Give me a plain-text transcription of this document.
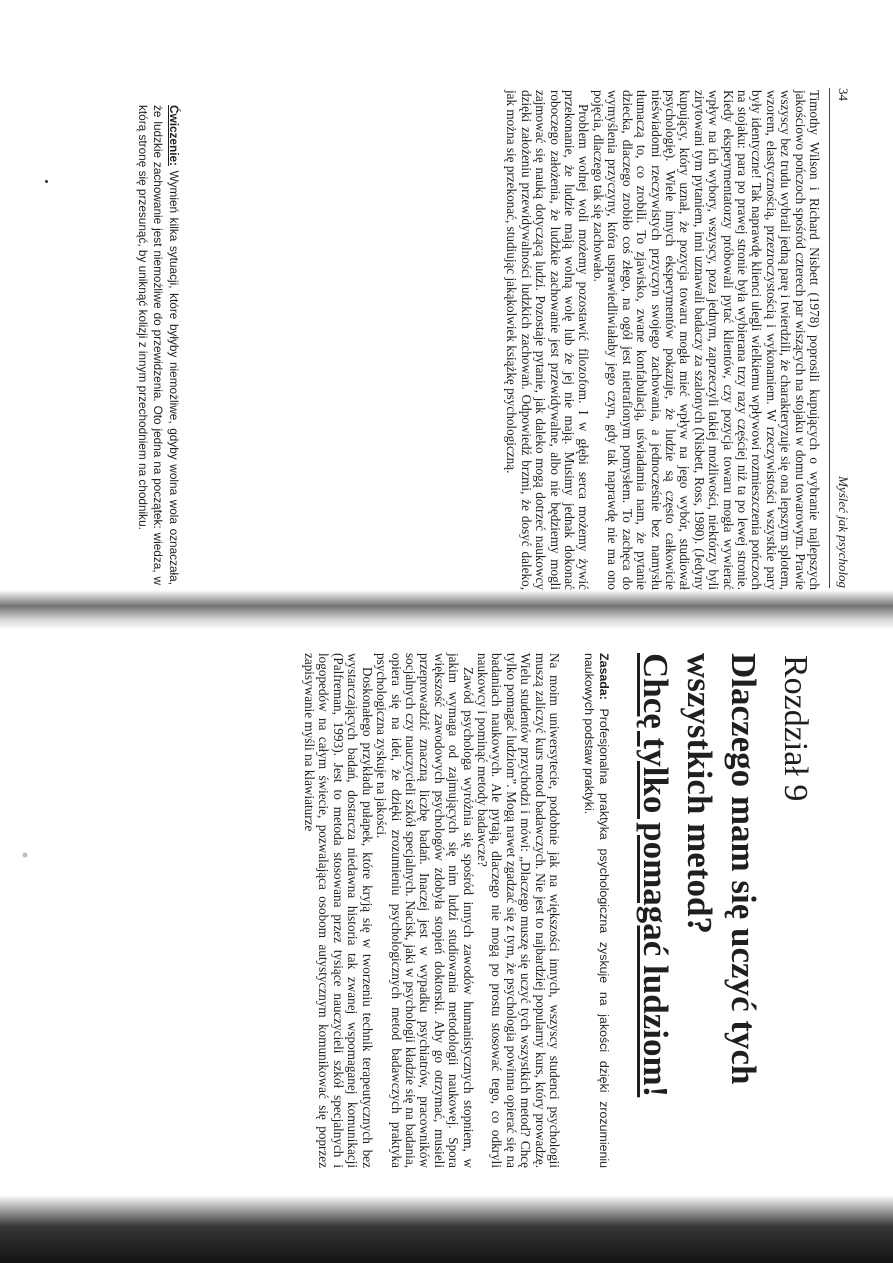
34
Myśleć jak psycholog

Timothy Wilson i Richard Nisbett (1978) poprosili kupujących o wybranie najlepszych jakościowo pończoch spośród czterech par wiszących na stojaku w domu towarowym. Prawie wszyscy bez trudu wybrali jedną parę i twierdzili, że charakteryzuje się ona lepszym splotem, wzorem, elastycznością, przezroczystością i wykonaniem. W rzeczywistości wszystkie pary były identyczne! Tak naprawdę klienci ulegli wielkiemu wpływowi rozmieszczenia pończoch na stojaku: para po prawej stronie była wybierana trzy razy częściej niż ta po lewej stronie. Kiedy eksperymentatorzy próbowali pytać klientów, czy pozycja towaru mogła wywierać wpływ na ich wybory, wszyscy, poza jednym, zaprzeczyli takiej możliwości, niektórzy byli zirytowani tym pytaniem, inni uznawali badaczy za szalonych (Nisbett, Ross, 1980). (Jedyny kupujący, który uznał, że pozycja towaru mogła mieć wpływ na jego wybór, studiował psychologię). Wiele innych eksperymentów pokazuje, że ludzie są często całkowicie nieświadomi rzeczywistych przyczyn swojego zachowania, a jednocześnie bez namysłu tłumaczą to, co zrobili. To zjawisko, zwane konfabulacją, uświadamia nam, że pytanie dziecka, dlaczego zrobiło coś złego, na ogół jest nietrafionym pomysłem. To zachęca do wymyślenia przyczyny, która usprawiedliwiałaby jego czyn, gdy tak naprawdę nie ma ono pojęcia, dlaczego tak się zachowało.

Problem wolnej woli możemy pozostawić filozofom. I w głębi serca możemy żywić przekonanie, że ludzie mają wolną wolę lub że jej nie mają. Musimy jednak dokonać roboczego założenia, że ludzkie zachowanie jest przewidywalne, albo nie będziemy mogli zajmować się nauką dotyczącą ludzi. Pozostaje pytanie, jak daleko mogą dotrzeć naukowcy dzięki założeniu przewidywalności ludzkich zachowań. Odpowiedź brzmi, że dosyć daleko, jak można się przekonać, studiując jakąkolwiek książkę psychologiczną.

Ćwiczenie: Wymień kilka sytuacji, które byłyby niemożliwe, gdyby wolna wola oznaczała, że ludzkie zachowanie jest niemożliwe do przewidzenia. Oto jedna na początek: wiedza, w którą stronę się przesunąć, by uniknąć kolizji z innym przechodniem na chodniku.
Rozdział 9
Dlaczego mam się uczyć tych
wszystkich metod?
Chcę tylko pomagać ludziom!
Zasada: Profesjonalna praktyka psychologiczna zyskuje na jakości dzięki zrozumieniu naukowych podstaw praktyki.

Na moim uniwersytecie, podobnie jak na większości innych, wszyscy studenci psychologii muszą zaliczyć kurs metod badawczych. Nie jest to najbardziej popularny kurs, który prowadzę. Wielu studentów przychodzi i mówi: „Dlaczego muszę się uczyć tych wszystkich metod? Chcę tylko pomagać ludziom”. Mogą nawet zgadzać się z tym, że psychologia powinna opierać się na badaniach naukowych. Ale pytają, dlaczego nie mogą po prostu stosować tego, co odkryli naukowcy i pominąć metody badawcze?

Zawód psychologa wyróżnia się spośród innych zawodów humanistycznych stopniem, w jakim wymaga od zajmujących się nim ludzi studiowania metodologii naukowej. Spora większość zawodowych psychologów zdobyła stopień doktorski. Aby go otrzymać, musieli przeprowadzić znaczną liczbę badań. Inaczej jest w wypadku psychiatrów, pracowników socjalnych czy nauczycieli szkół specjalnych. Nacisk, jaki w psychologii kładzie się na badania, opiera się na idei, że dzięki zrozumieniu psychologicznych metod badawczych praktyka psychologiczna zyskuje na jakości.

Doskonałego przykładu pułapek, które kryją się w tworzeniu technik terapeutycznych bez wystarczających badań, dostarcza niedawna historia tak zwanej wspomaganej komunikacji (Palfreman, 1993). Jest to metoda stosowana przez tysiące nauczycieli szkół specjalnych i logopedów na całym świecie, pozwalająca osobom autystycznym komunikować się poprzez zapisywanie myśli na klawiaturze
